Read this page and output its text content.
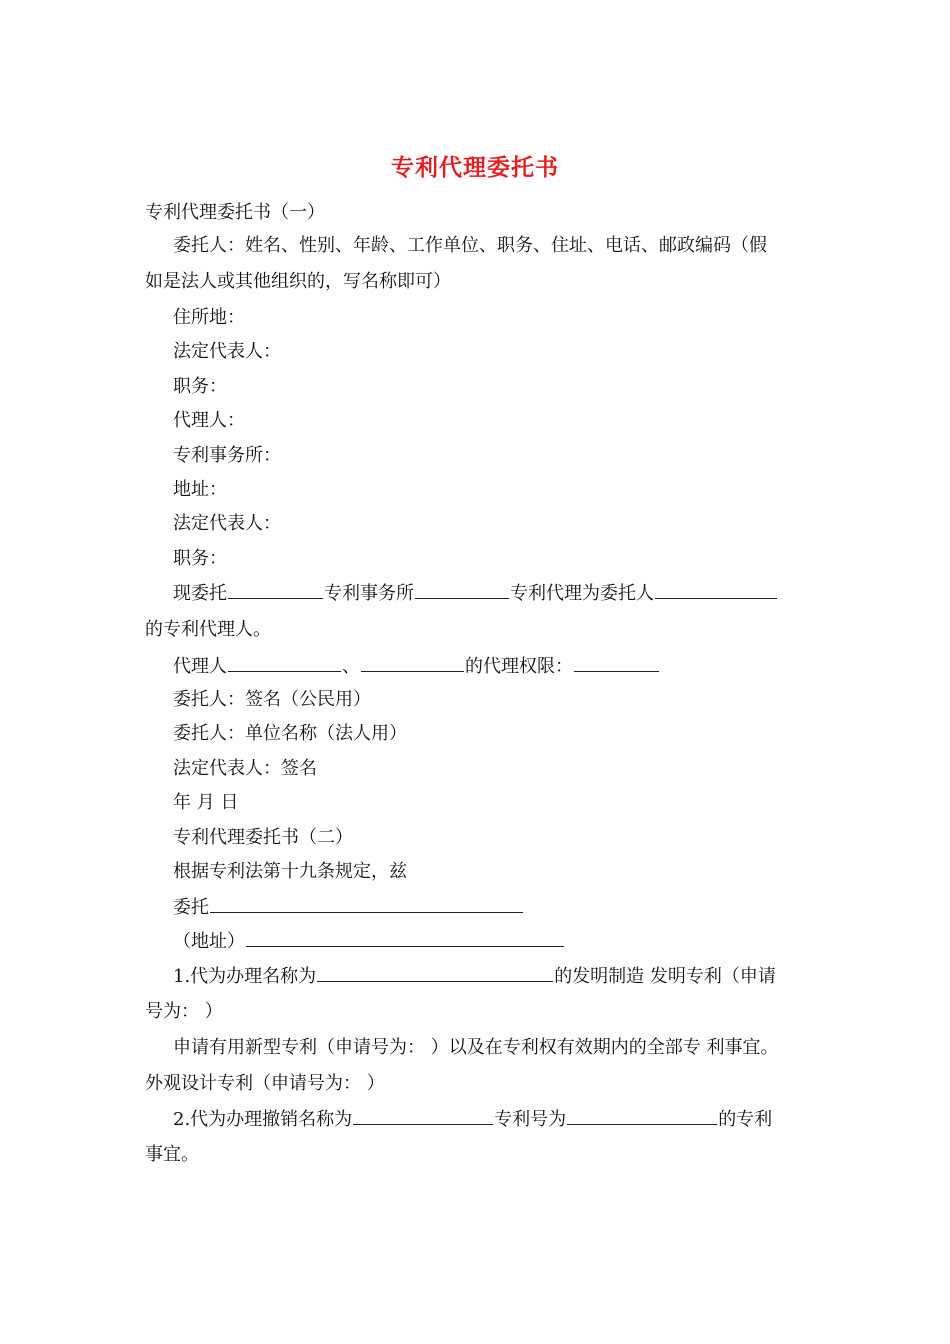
专利代理委托书
专利代理委托书（一）
委托人：姓名、性别、年龄、工作单位、职务、住址、电话、邮政编码（假
如是法人或其他组织的，写名称即可）
住所地：
法定代表人：
职务：
代理人：
专利事务所：
地址：
法定代表人：
职务：
现委托	专利事务所	专利代理为委托人
的专利代理人。
代理人	、	的代理权限：
委托人：签名（公民用）
委托人：单位名称（法人用）
法定代表人：签名
年 月 日
专利代理委托书（二）
根据专利法第十九条规定，兹
委托
（地址）
1.代为办理名称为	的发明制造 发明专利（申请
号为： ）
申请有用新型专利（申请号为： ）以及在专利权有效期内的全部专 利事宜。
外观设计专利（申请号为： ）
2.代为办理撤销名称为	专利号为	的专利
事宜。
